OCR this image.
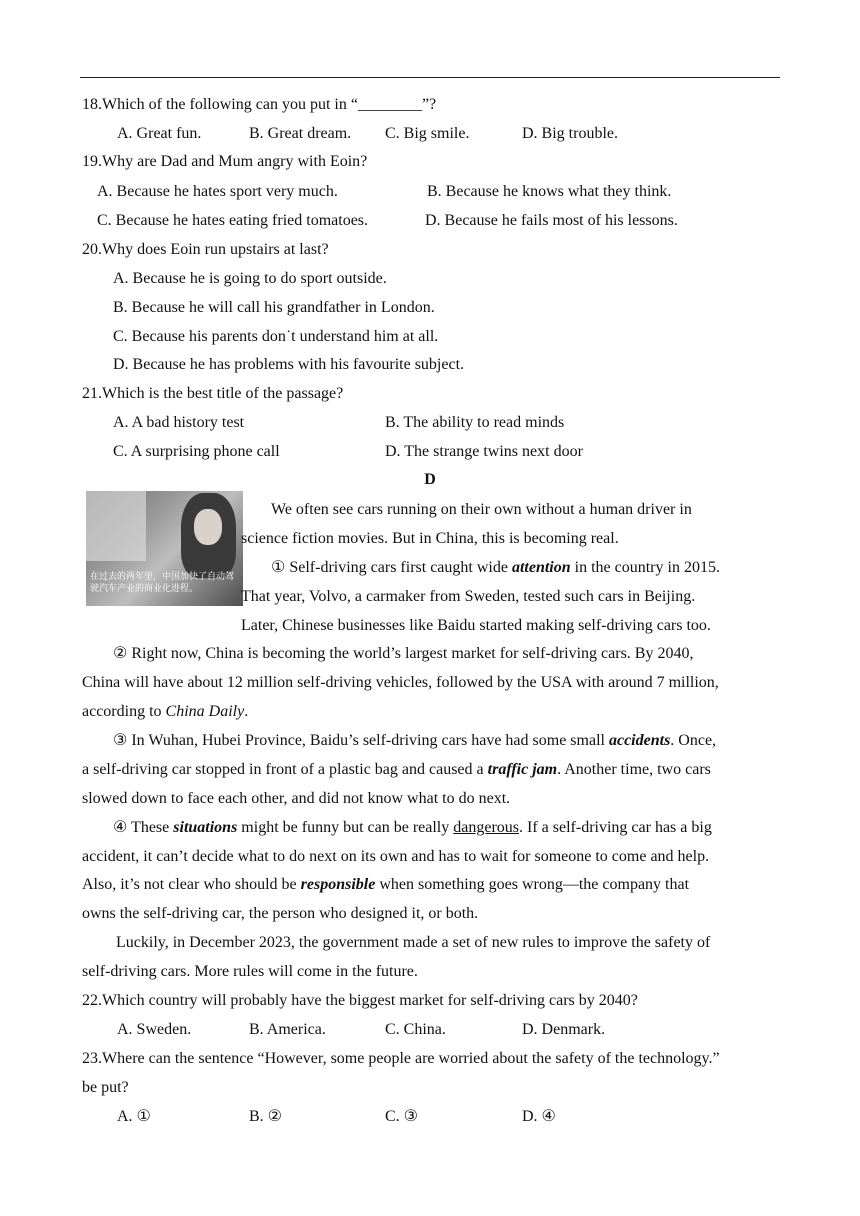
18.Which of the following can you put in “________”?
A. Great fun.	B. Great dream. C. Big smile.	D. Big trouble.
19.Why are Dad and Mum angry with Eoin?
A. Because he hates sport very much.	B. Because he knows what they think.
C. Because he hates eating fried tomatoes.	D. Because he fails most of his lessons.
20.Why does Eoin run upstairs at last?
A. Because he is going to do sport outside.
B. Because he will call his grandfather in London.
C. Because his parents don˙t understand him at all.
D. Because he has problems with his favourite subject.
21.Which is the best title of the passage?
A. A bad history test	B. The ability to read minds
C. A surprising phone call	D. The strange twins next door
D
在过去的两年里，中国加快了自动驾驶汽车产业的商业化进程。
We often see cars running on their own without a human driver in
science fiction movies. But in China, this is becoming real.
① Self-driving cars first caught wide attention in the country in 2015.
That year, Volvo, a carmaker from Sweden, tested such cars in Beijing.
Later, Chinese businesses like Baidu started making self-driving cars too.
② Right now, China is becoming the world’s largest market for self-driving cars. By 2040,
China will have about 12 million self-driving vehicles, followed by the USA with around 7 million,
according to China Daily.
③ In Wuhan, Hubei Province, Baidu’s self-driving cars have had some small accidents. Once,
a self-driving car stopped in front of a plastic bag and caused a traffic jam. Another time, two cars
slowed down to face each other, and did not know what to do next.
④ These situations might be funny but can be really dangerous. If a self-driving car has a big
accident, it can’t decide what to do next on its own and has to wait for someone to come and help.
Also, it’s not clear who should be responsible when something goes wrong—the company that
owns the self-driving car, the person who designed it, or both.
Luckily, in December 2023, the government made a set of new rules to improve the safety of
self-driving cars. More rules will come in the future.
22.Which country will probably have the biggest market for self-driving cars by 2040?
A. Sweden.	B. America.	C. China.	D. Denmark.
23.Where can the sentence “However, some people are worried about the safety of the technology.”
be put?
A. ①	B. ②	C. ③	D. ④
